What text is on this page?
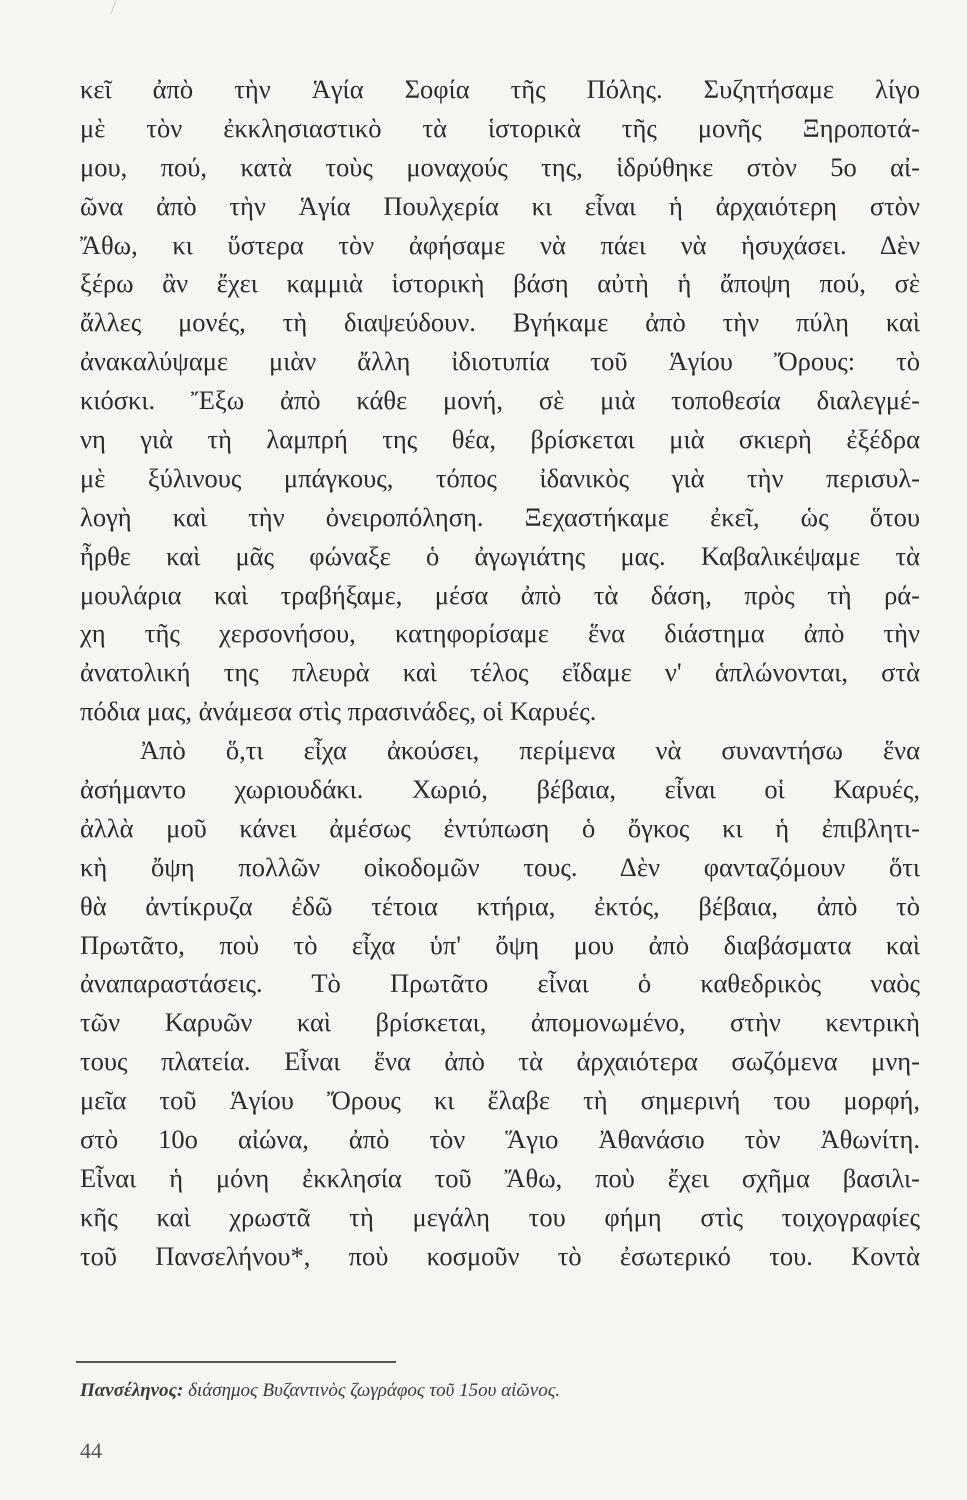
κεῖ ἀπὸ τὴν Ἁγία Σοφία τῆς Πόλης. Συζητήσαμε λίγο
μὲ τὸν ἐκκλησιαστικὸ τὰ ἱστορικὰ τῆς μονῆς Ξηροποτά-
μου, πού, κατὰ τοὺς μοναχούς της, ἱδρύθηκε στὸν 5ο αἰ-
ῶνα ἀπὸ τὴν Ἁγία Πουλχερία κι εἶναι ἡ ἀρχαιότερη στὸν
Ἄθω, κι ὕστερα τὸν ἀφήσαμε νὰ πάει νὰ ἡσυχάσει. Δὲν
ξέρω ἂν ἔχει καμμιὰ ἱστορικὴ βάση αὐτὴ ἡ ἄποψη πού, σὲ
ἄλλες μονές, τὴ διαψεύδουν. Βγήκαμε ἀπὸ τὴν πύλη καὶ
ἀνακαλύψαμε μιὰν ἄλλη ἰδιοτυπία τοῦ Ἁγίου Ὄρους: τὸ
κιόσκι. Ἔξω ἀπὸ κάθε μονή, σὲ μιὰ τοποθεσία διαλεγμέ-
νη γιὰ τὴ λαμπρή της θέα, βρίσκεται μιὰ σκιερὴ ἐξέδρα
μὲ ξύλινους μπάγκους, τόπος ἰδανικὸς γιὰ τὴν περισυλ-
λογὴ καὶ τὴν ὀνειροπόληση. Ξεχαστήκαμε ἐκεῖ, ὡς ὅτου
ἦρθε καὶ μᾶς φώναξε ὁ ἀγωγιάτης μας. Καβαλικέψαμε τὰ
μουλάρια καὶ τραβήξαμε, μέσα ἀπὸ τὰ δάση, πρὸς τὴ ρά-
χη τῆς χερσονήσου, κατηφορίσαμε ἕνα διάστημα ἀπὸ τὴν
ἀνατολική της πλευρὰ καὶ τέλος εἴδαμε ν' ἁπλώνονται, στὰ
πόδια μας, ἀνάμεσα στὶς πρασινάδες, οἱ Καρυές.
Ἀπὸ ὅ,τι εἶχα ἀκούσει, περίμενα νὰ συναντήσω ἕνα
ἀσήμαντο χωριουδάκι. Χωριό, βέβαια, εἶναι οἱ Καρυές,
ἀλλὰ μοῦ κάνει ἀμέσως ἐντύπωση ὁ ὄγκος κι ἡ ἐπιβλητι-
κὴ ὄψη πολλῶν οἰκοδομῶν τους. Δὲν φανταζόμουν ὅτι
θὰ ἀντίκρυζα ἐδῶ τέτοια κτήρια, ἐκτός, βέβαια, ἀπὸ τὸ
Πρωτᾶτο, ποὺ τὸ εἶχα ὑπ' ὄψη μου ἀπὸ διαβάσματα καὶ
ἀναπαραστάσεις. Τὸ Πρωτᾶτο εἶναι ὁ καθεδρικὸς ναὸς
τῶν Καρυῶν καὶ βρίσκεται, ἀπομονωμένο, στὴν κεντρικὴ
τους πλατεία. Εἶναι ἕνα ἀπὸ τὰ ἀρχαιότερα σωζόμενα μνη-
μεῖα τοῦ Ἁγίου Ὄρους κι ἔλαβε τὴ σημερινή του μορφή,
στὸ 10ο αἰώνα, ἀπὸ τὸν Ἅγιο Ἀθανάσιο τὸν Ἀθωνίτη.
Εἶναι ἡ μόνη ἐκκλησία τοῦ Ἄθω, ποὺ ἔχει σχῆμα βασιλι-
κῆς καὶ χρωστᾶ τὴ μεγάλη του φήμη στὶς τοιχογραφίες
τοῦ Πανσελήνου*, ποὺ κοσμοῦν τὸ ἐσωτερικό του. Κοντὰ
Πανσέληνος: διάσημος Βυζαντινὸς ζωγράφος τοῦ 15ου αἰῶνος.
44
